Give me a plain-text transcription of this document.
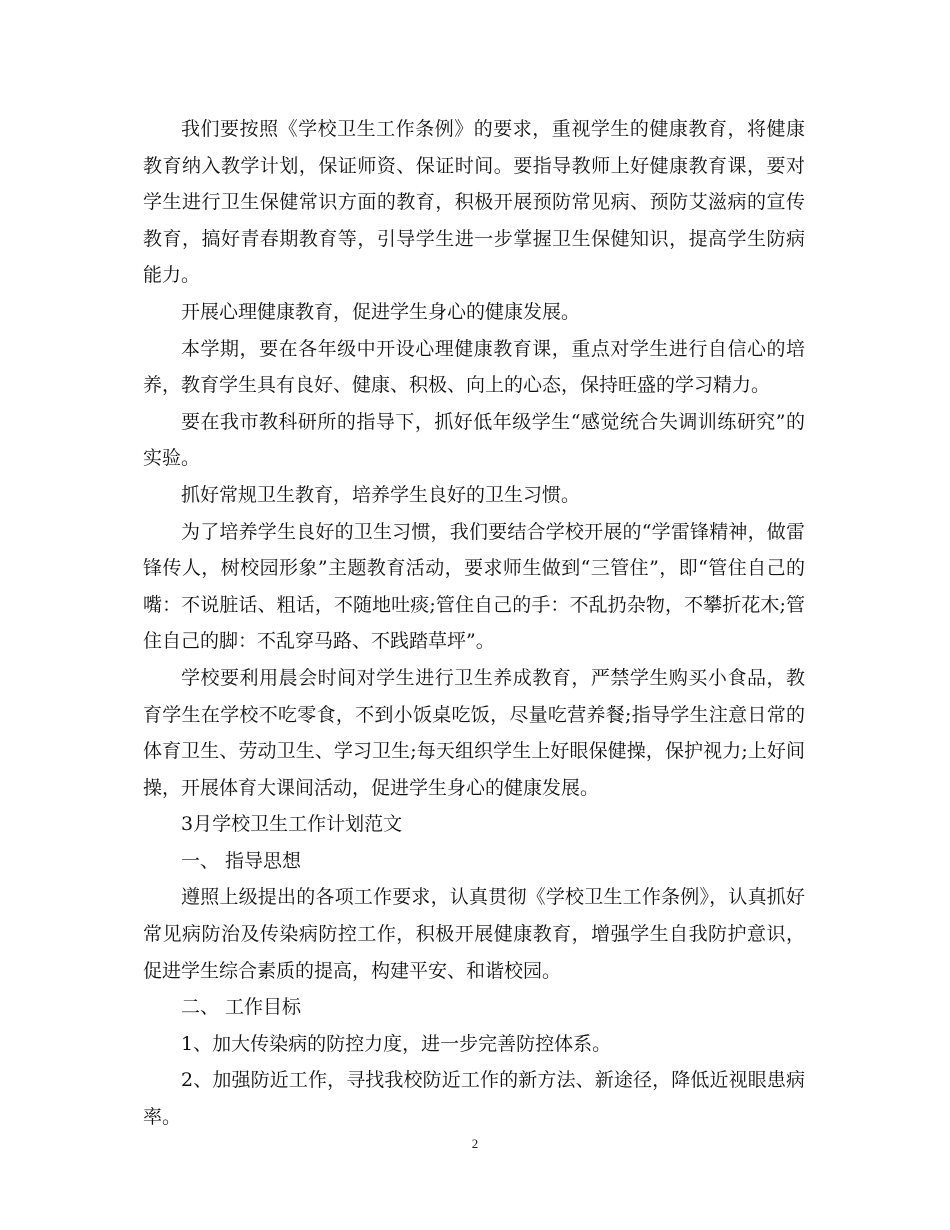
我们要按照《学校卫生工作条例》的要求，重视学生的健康教育，将健康教育纳入教学计划，保证师资、保证时间。要指导教师上好健康教育课，要对学生进行卫生保健常识方面的教育，积极开展预防常见病、预防艾滋病的宣传教育，搞好青春期教育等，引导学生进一步掌握卫生保健知识，提高学生防病能力。

开展心理健康教育，促进学生身心的健康发展。

本学期，要在各年级中开设心理健康教育课，重点对学生进行自信心的培养，教育学生具有良好、健康、积极、向上的心态，保持旺盛的学习精力。

要在我市教科研所的指导下，抓好低年级学生“感觉统合失调训练研究”的实验。

抓好常规卫生教育，培养学生良好的卫生习惯。

为了培养学生良好的卫生习惯，我们要结合学校开展的“学雷锋精神，做雷锋传人，树校园形象”主题教育活动，要求师生做到“三管住”，即“管住自己的嘴：不说脏话、粗话，不随地吐痰;管住自己的手：不乱扔杂物，不攀折花木;管住自己的脚：不乱穿马路、不践踏草坪”。

学校要利用晨会时间对学生进行卫生养成教育，严禁学生购买小食品，教育学生在学校不吃零食，不到小饭桌吃饭，尽量吃营养餐;指导学生注意日常的体育卫生、劳动卫生、学习卫生;每天组织学生上好眼保健操，保护视力;上好间操，开展体育大课间活动，促进学生身心的健康发展。

3月学校卫生工作计划范文

一、 指导思想

遵照上级提出的各项工作要求，认真贯彻《学校卫生工作条例》，认真抓好常见病防治及传染病防控工作，积极开展健康教育，增强学生自我防护意识，促进学生综合素质的提高，构建平安、和谐校园。

二、 工作目标

1、加大传染病的防控力度，进一步完善防控体系。

2、加强防近工作，寻找我校防近工作的新方法、新途径，降低近视眼患病率。

2
